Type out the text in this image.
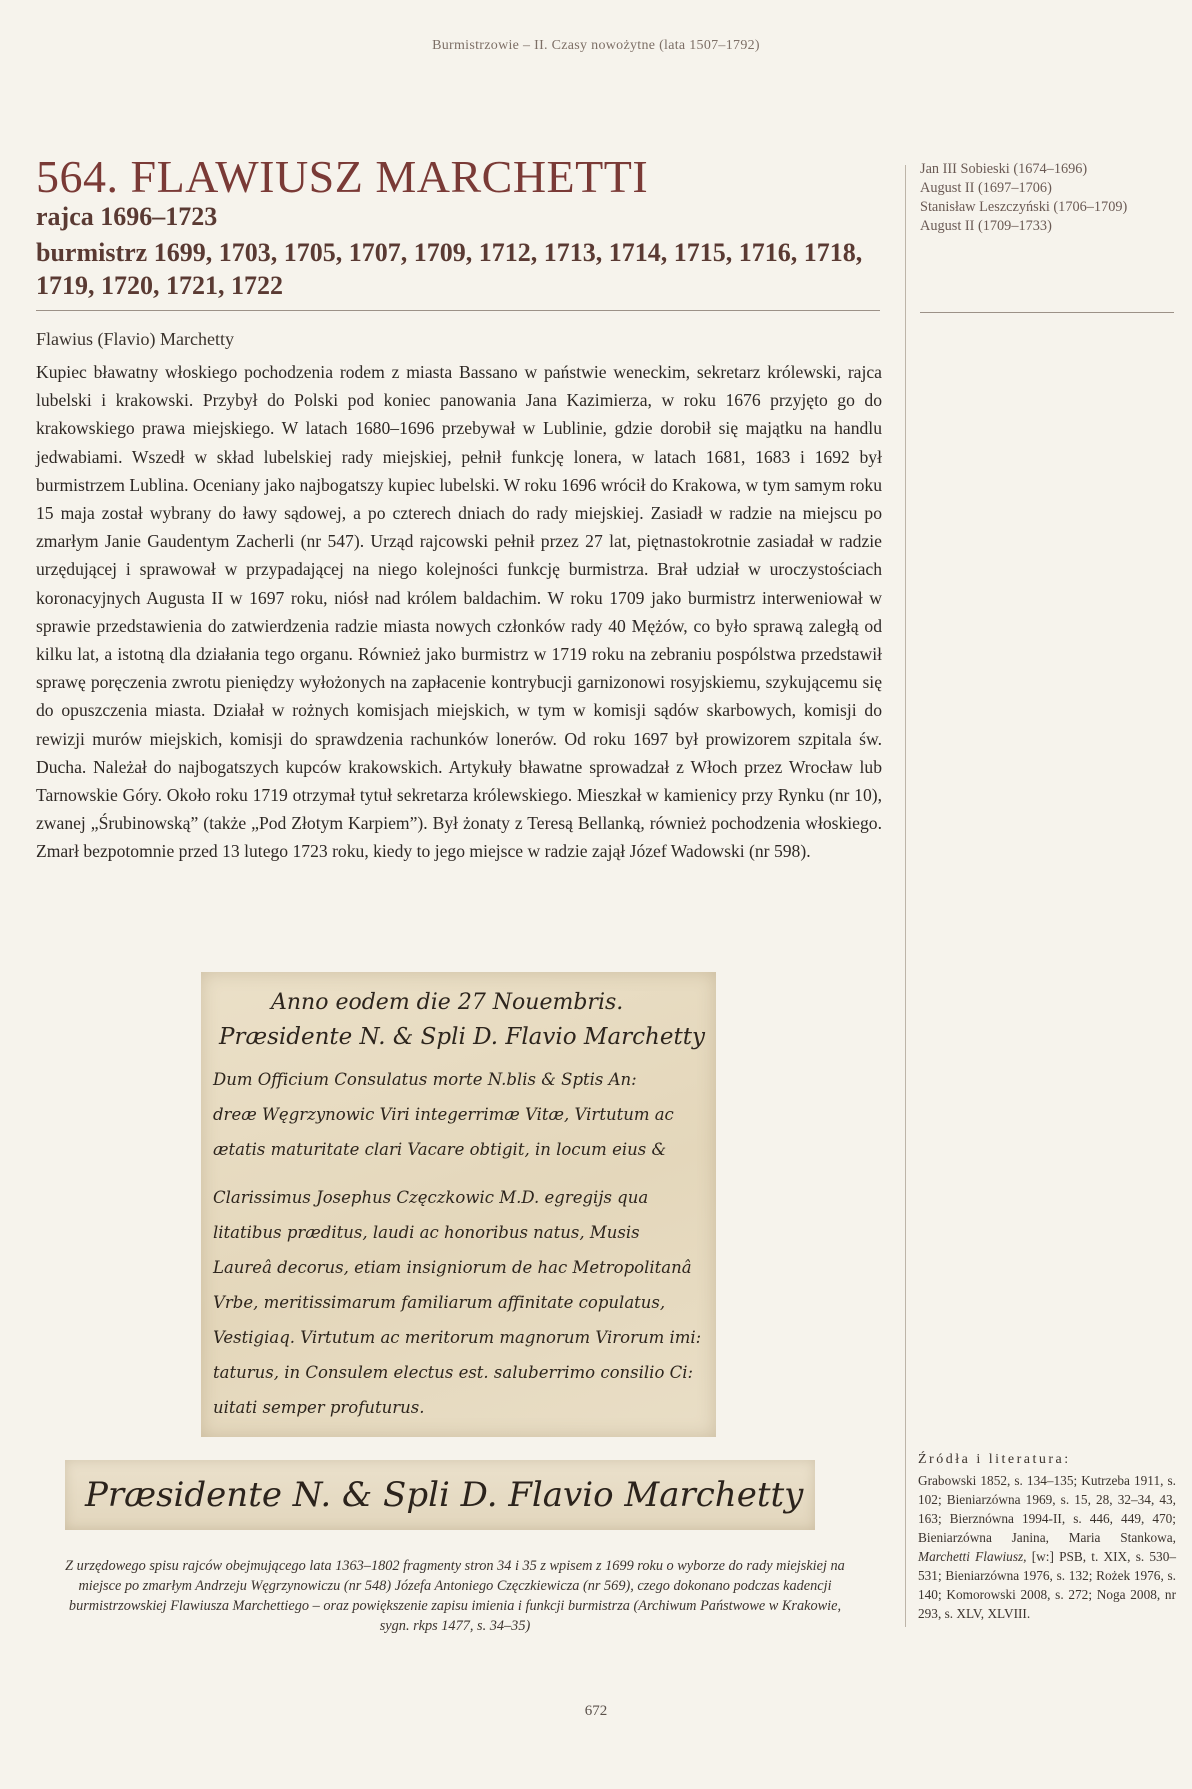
Burmistrzowie – II. Czasy nowożytne (lata 1507–1792)
564. FLAWIUSZ MARCHETTI
rajca 1696–1723
burmistrz 1699, 1703, 1705, 1707, 1709, 1712, 1713, 1714, 1715, 1716, 1718, 1719, 1720, 1721, 1722
Flawius (Flavio) Marchetty

Kupiec bławatny włoskiego pochodzenia rodem z miasta Bassano w państwie weneckim, sekretarz królewski, rajca lubelski i krakowski. Przybył do Polski pod koniec panowania Jana Kazimierza, w roku 1676 przyjęto go do krakowskiego prawa miejskiego. W latach 1680–1696 przebywał w Lublinie, gdzie dorobił się majątku na handlu jedwabiami. Wszedł w skład lubelskiej rady miejskiej, pełnił funkcję lonera, w latach 1681, 1683 i 1692 był burmistrzem Lublina. Oceniany jako najbogatszy kupiec lubelski. W roku 1696 wrócił do Krakowa, w tym samym roku 15 maja został wybrany do ławy sądowej, a po czterech dniach do rady miejskiej. Zasiadł w radzie na miejscu po zmarłym Janie Gaudentym Zacherli (nr 547). Urząd rajcowski pełnił przez 27 lat, piętnastokrotnie zasiadał w radzie urzędującej i sprawował w przypadającej na niego kolejności funkcję burmistrza. Brał udział w uroczystościach koronacyjnych Augusta II w 1697 roku, niósł nad królem baldachim. W roku 1709 jako burmistrz interweniował w sprawie przedstawienia do zatwierdzenia radzie miasta nowych członków rady 40 Mężów, co było sprawą zaległą od kilku lat, a istotną dla działania tego organu. Również jako burmistrz w 1719 roku na zebraniu pospólstwa przedstawił sprawę poręczenia zwrotu pieniędzy wyłożonych na zapłacenie kontrybucji garnizonowi rosyjskiemu, szykującemu się do opuszczenia miasta. Działał w rożnych komisjach miejskich, w tym w komisji sądów skarbowych, komisji do rewizji murów miejskich, komisji do sprawdzenia rachunków lonerów. Od roku 1697 był prowizorem szpitala św. Ducha. Należał do najbogatszych kupców krakowskich. Artykuły bławatne sprowadzał z Włoch przez Wrocław lub Tarnowskie Góry. Około roku 1719 otrzymał tytuł sekretarza królewskiego. Mieszkał w kamienicy przy Rynku (nr 10), zwanej „Śrubinowską” (także „Pod Złotym Karpiem”). Był żonaty z Teresą Bellanką, również pochodzenia włoskiego. Zmarł bezpotomnie przed 13 lutego 1723 roku, kiedy to jego miejsce w radzie zajął Józef Wadowski (nr 598).

Anno eodem die 27 Nouembris.
Præsidente N. & Spli D. Flavio Marchetty
Dum Officium Consulatus morte N.blis & Sptis An:
dreæ Węgrzynowic Viri integerrimæ Vitæ, Virtutum ac
ætatis maturitate clari Vacare obtigit, in locum eius &
Clarissimus Josephus Częczkowic M.D. egregijs qua
litatibus præditus, laudi ac honoribus natus, Musis
Laureâ decorus, etiam insigniorum de hac Metropolitanâ
Vrbe, meritissimarum familiarum affinitate copulatus,
Vestigiaq. Virtutum ac meritorum magnorum Virorum imi:
taturus, in Consulem electus est. saluberrimo consilio Ci:
uitati semper profuturus.
Præsidente N. & Spli D. Flavio Marchetty

Z urzędowego spisu rajców obejmującego lata 1363–1802 fragmenty stron 34 i 35 z wpisem z 1699 roku o wyborze do rady miejskiej na miejsce po zmarłym Andrzeju Węgrzynowiczu (nr 548) Józefa Antoniego Częczkiewicza (nr 569), czego dokonano podczas kadencji burmistrzowskiej Flawiusza Marchettiego – oraz powiększenie zapisu imienia i funkcji burmistrza (Archiwum Państwowe w Krakowie, sygn. rkps 1477, s. 34–35)

Jan III Sobieski (1674–1696)
August II (1697–1706)
Stanisław Leszczyński (1706–1709)
August II (1709–1733)
Źródła i literatura:
Grabowski 1852, s. 134–135; Kutrzeba 1911, s. 102; Bieniarzówna 1969, s. 15, 28, 32–34, 43, 163; Bierznówna 1994-II, s. 446, 449, 470; Bieniarzówna Janina, Maria Stankowa, Marchetti Flawiusz, [w:] PSB, t. XIX, s. 530–531; Bieniarzówna 1976, s. 132; Rożek 1976, s. 140; Komorowski 2008, s. 272; Noga 2008, nr 293, s. XLV, XLVIII.
672
